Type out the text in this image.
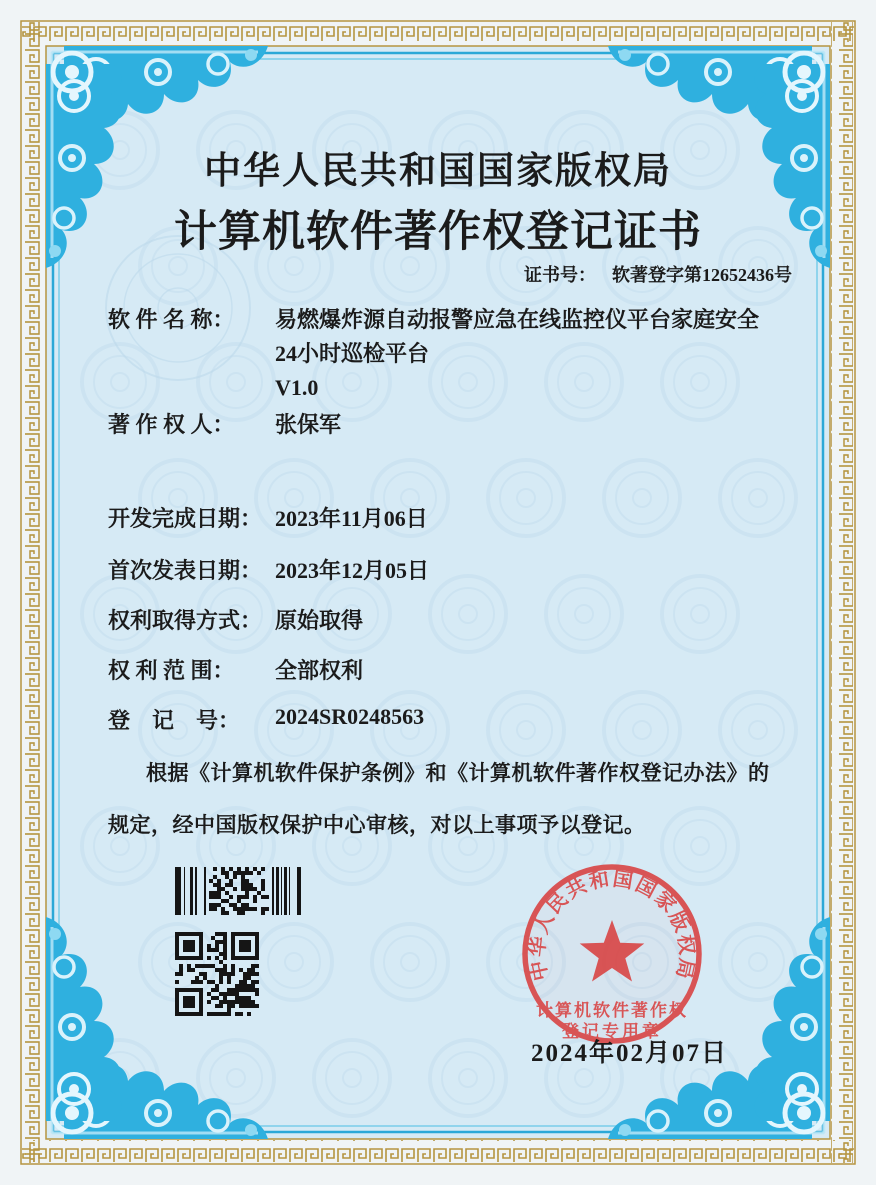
中华人民共和国国家版权局
计算机软件著作权登记证书
证书号： 软著登字第12652436号
软 件 名 称：	易燃爆炸源自动报警应急在线监控仪平台家庭安全
24小时巡检平台
V1.0
著 作 权 人：	张保军
开发完成日期： 2023年11月06日
首次发表日期： 2023年12月05日
权利取得方式： 原始取得
权 利 范 围：	全部权利
登　记　号：	2024SR0248563
根据《计算机软件保护条例》和《计算机软件著作权登记办法》的
规定，经中国版权保护中心审核，对以上事项予以登记。
中华人民共和国国家版权局
计算机软件著作权
登记专用章
2024年02月07日
